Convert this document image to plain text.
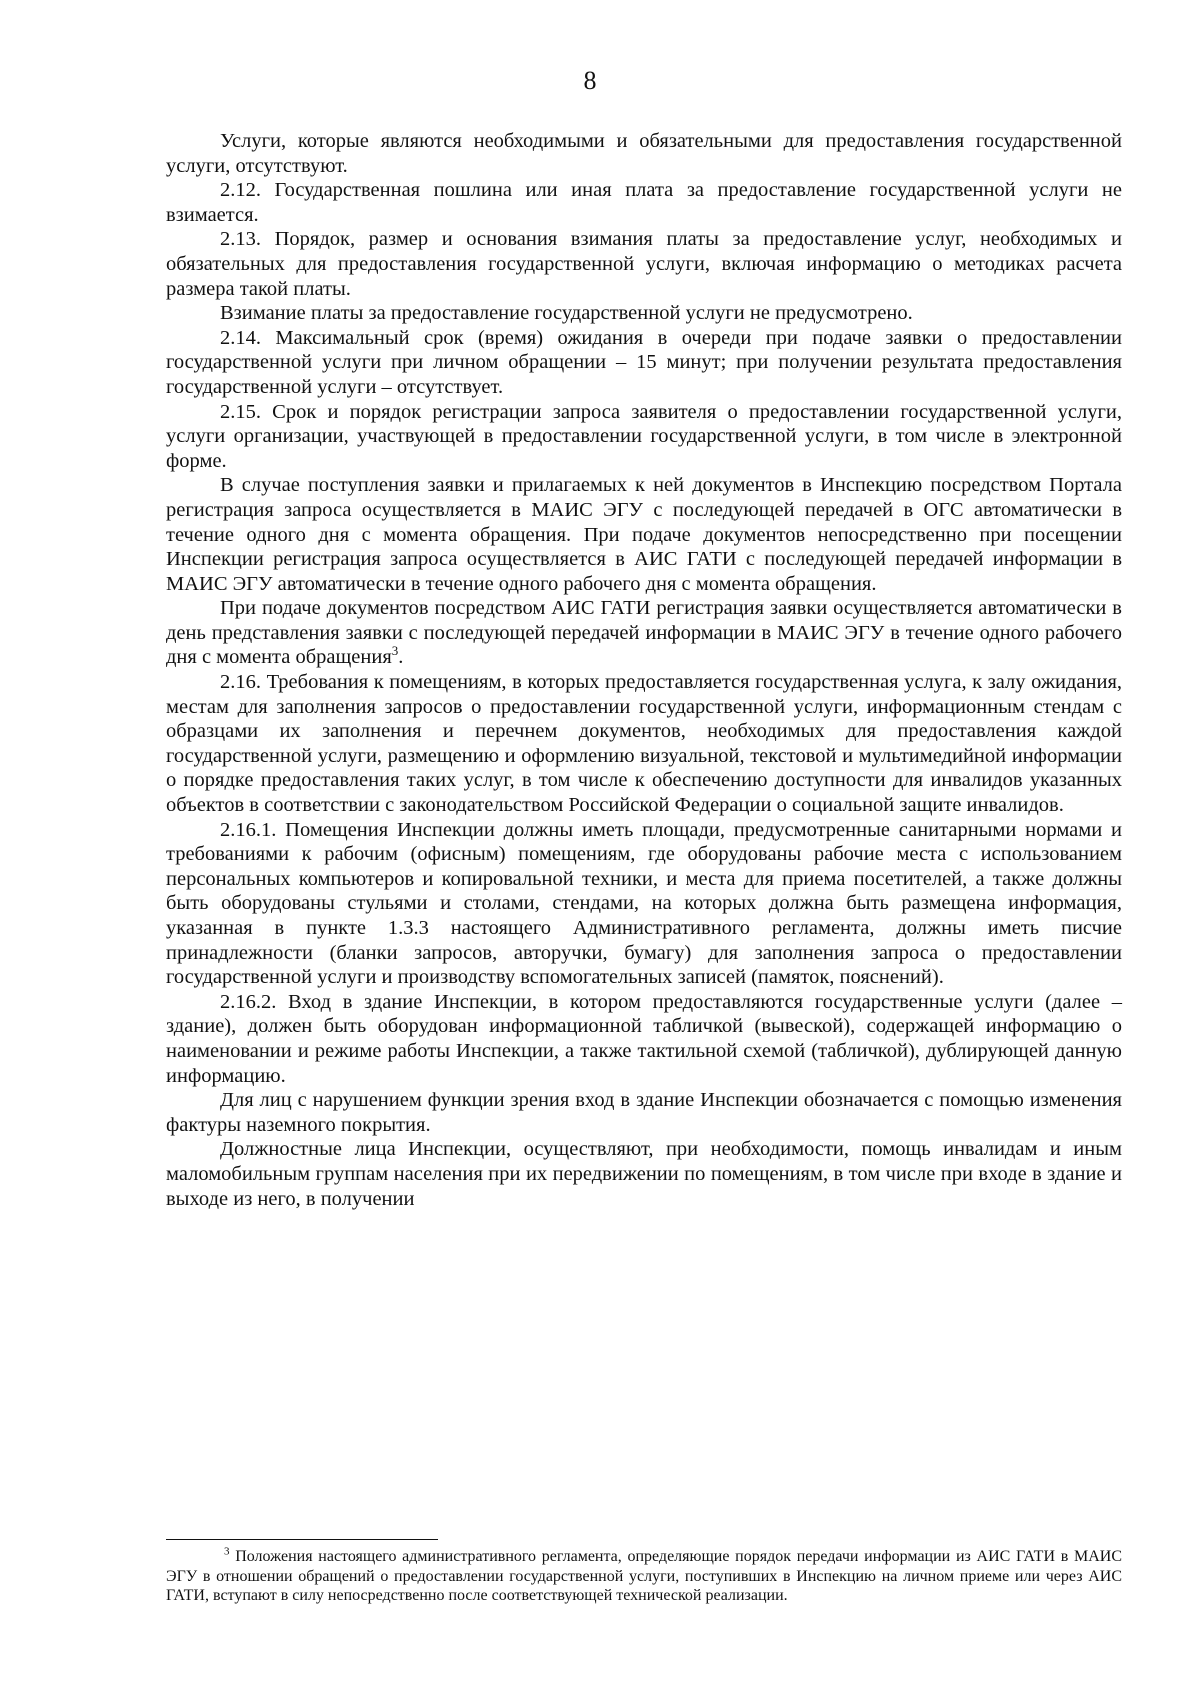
8

Услуги, которые являются необходимыми и обязательными для предоставления государственной услуги, отсутствуют.

2.12. Государственная пошлина или иная плата за предоставление государственной услуги не взимается.

2.13. Порядок, размер и основания взимания платы за предоставление услуг, необходимых и обязательных для предоставления государственной услуги, включая информацию о методиках расчета размера такой платы.

Взимание платы за предоставление государственной услуги не предусмотрено.

2.14. Максимальный срок (время) ожидания в очереди при подаче заявки о предоставлении государственной услуги при личном обращении – 15 минут; при получении результата предоставления государственной услуги – отсутствует.

2.15. Срок и порядок регистрации запроса заявителя о предоставлении государственной услуги, услуги организации, участвующей в предоставлении государственной услуги, в том числе в электронной форме.

В случае поступления заявки и прилагаемых к ней документов в Инспекцию посредством Портала регистрация запроса осуществляется в МАИС ЭГУ с последующей передачей в ОГС автоматически в течение одного дня с момента обращения. При подаче документов непосредственно при посещении Инспекции регистрация запроса осуществляется в АИС ГАТИ с последующей передачей информации в МАИС ЭГУ автоматически в течение одного рабочего дня с момента обращения.

При подаче документов посредством АИС ГАТИ регистрация заявки осуществляется автоматически в день представления заявки с последующей передачей информации в МАИС ЭГУ в течение одного рабочего дня с момента обращения$^3$.

2.16. Требования к помещениям, в которых предоставляется государственная услуга, к залу ожидания, местам для заполнения запросов о предоставлении государственной услуги, информационным стендам с образцами их заполнения и перечнем документов, необходимых для предоставления каждой государственной услуги, размещению и оформлению визуальной, текстовой и мультимедийной информации о порядке предоставления таких услуг, в том числе к обеспечению доступности для инвалидов указанных объектов в соответствии с законодательством Российской Федерации о социальной защите инвалидов.

2.16.1. Помещения Инспекции должны иметь площади, предусмотренные санитарными нормами и требованиями к рабочим (офисным) помещениям, где оборудованы рабочие места с использованием персональных компьютеров и копировальной техники, и места для приема посетителей, а также должны быть оборудованы стульями и столами, стендами, на которых должна быть размещена информация, указанная в пункте 1.3.3 настоящего Административного регламента, должны иметь писчие принадлежности (бланки запросов, авторучки, бумагу) для заполнения запроса о предоставлении государственной услуги и производству вспомогательных записей (памяток, пояснений).

2.16.2. Вход в здание Инспекции, в котором предоставляются государственные услуги (далее – здание), должен быть оборудован информационной табличкой (вывеской), содержащей информацию о наименовании и режиме работы Инспекции, а также тактильной схемой (табличкой), дублирующей данную информацию.

Для лиц с нарушением функции зрения вход в здание Инспекции обозначается с помощью изменения фактуры наземного покрытия.

Должностные лица Инспекции, осуществляют, при необходимости, помощь инвалидам и иным маломобильным группам населения при их передвижении по помещениям, в том числе при входе в здание и выходе из него, в получении

$^3$ Положения настоящего административного регламента, определяющие порядок передачи информации из АИС ГАТИ в МАИС ЭГУ в отношении обращений о предоставлении государственной услуги, поступивших в Инспекцию на личном приеме или через АИС ГАТИ, вступают в силу непосредственно после соответствующей технической реализации.
